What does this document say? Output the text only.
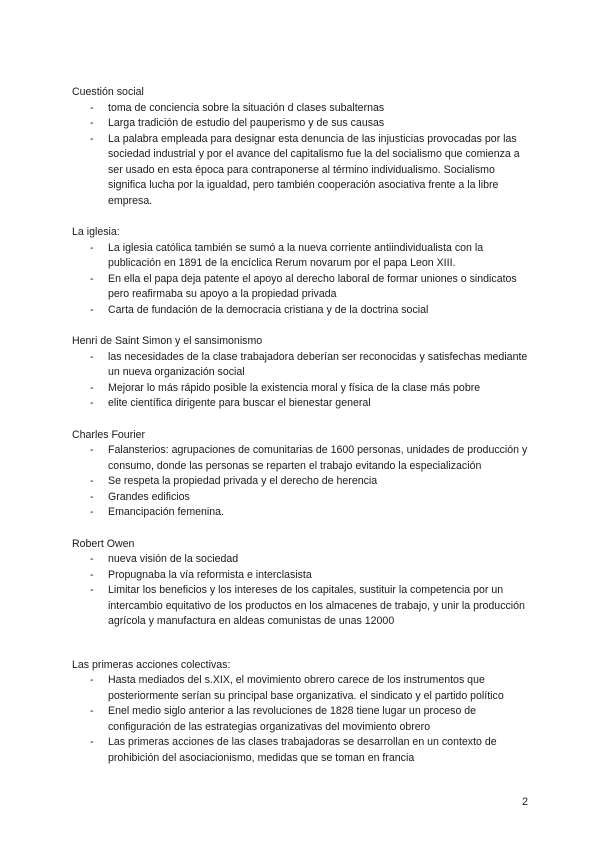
Cuestión social

- toma de conciencia sobre la situación d clases subalternas
- Larga tradición de estudio del pauperismo y de sus causas
- La palabra empleada para designar esta denuncia de las injusticias provocadas por las sociedad industrial y por el avance del capitalismo fue la del socialismo que comienza a ser usado en esta época para contraponerse al término individualismo. Socialismo significa lucha por la igualdad, pero también cooperación asociativa frente a la libre empresa.

La iglesia:

- La iglesia católica también se sumó a la nueva corriente antiindividualista con la publicación en 1891 de la encíclica Rerum novarum por el papa Leon XIII.
- En ella el papa deja patente el apoyo al derecho laboral de formar uniones o sindicatos pero reafirmaba su apoyo a la propiedad privada
- Carta de fundación de la democracia cristiana y de la doctrina social

Henri de Saint Simon y el sansimonismo

- las necesidades de la clase trabajadora deberían ser reconocidas y satisfechas mediante un nueva organización social
- Mejorar lo más rápido posible la existencia moral y física de la clase más pobre
- elite científica dirigente para buscar el bienestar general

Charles Fourier

- Falansterios: agrupaciones de comunitarias de 1600 personas, unidades de producción y consumo, donde las personas se reparten el trabajo evitando la especialización
- Se respeta la propiedad privada y el derecho de herencia
- Grandes edificios
- Emancipación femenina.

Robert Owen

- nueva visión de la sociedad
- Propugnaba la vía reformista e interclasista
- Limitar los beneficios y los intereses de los capitales, sustituir la competencia por un intercambio equitativo de los productos en los almacenes de trabajo, y unir la producción agrícola y manufactura en aldeas comunistas de unas 12000

Las primeras acciones colectivas:

- Hasta mediados del s.XIX, el movimiento obrero carece de los instrumentos que posteriormente serían su principal base organizativa. el sindicato y el partido político
- Enel medio siglo anterior a las revoluciones de 1828 tiene lugar un proceso de configuración de las estrategias organizativas del movimiento obrero
- Las primeras acciones de las clases trabajadoras se desarrollan en un contexto de prohibición del asociacionismo, medidas que se toman en francia
2
